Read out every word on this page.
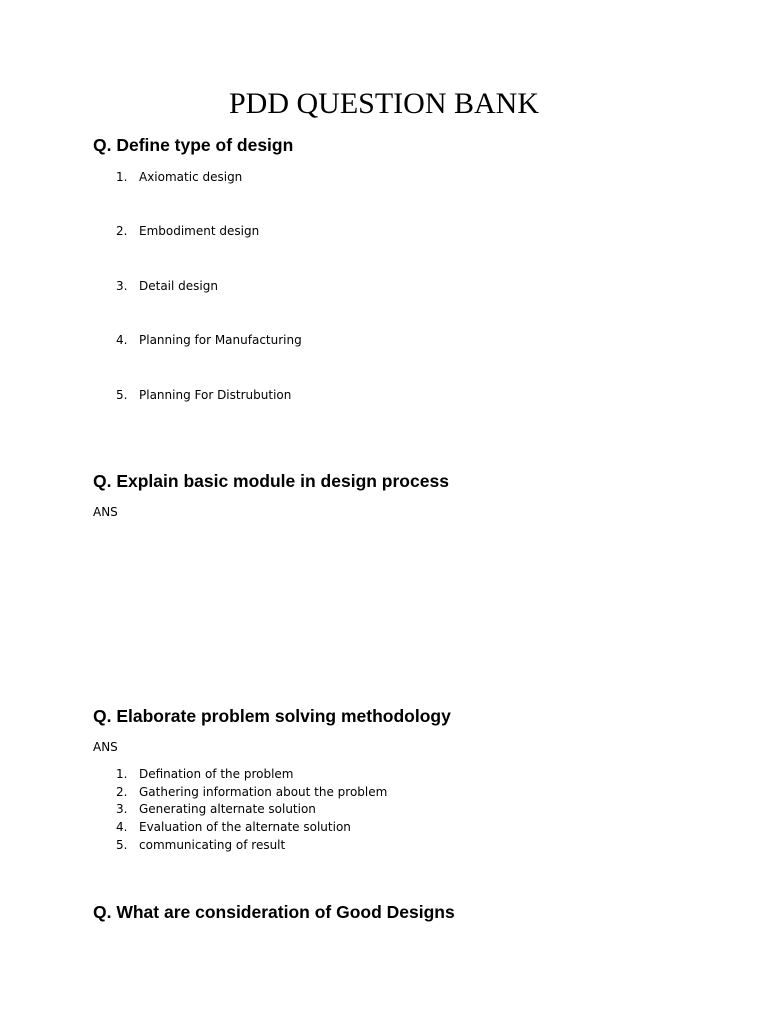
PDD QUESTION BANK
Q. Define type of design
1. Axiomatic design
2. Embodiment design
3. Detail design
4. Planning for Manufacturing
5. Planning For Distrubution
Q. Explain basic module in design process

ANS

Q. Elaborate problem solving methodology

ANS

1. Defination of the problem
2. Gathering information about the problem
3. Generating alternate solution
4. Evaluation of the alternate solution
5. communicating of result
Q. What are consideration of Good Designs
